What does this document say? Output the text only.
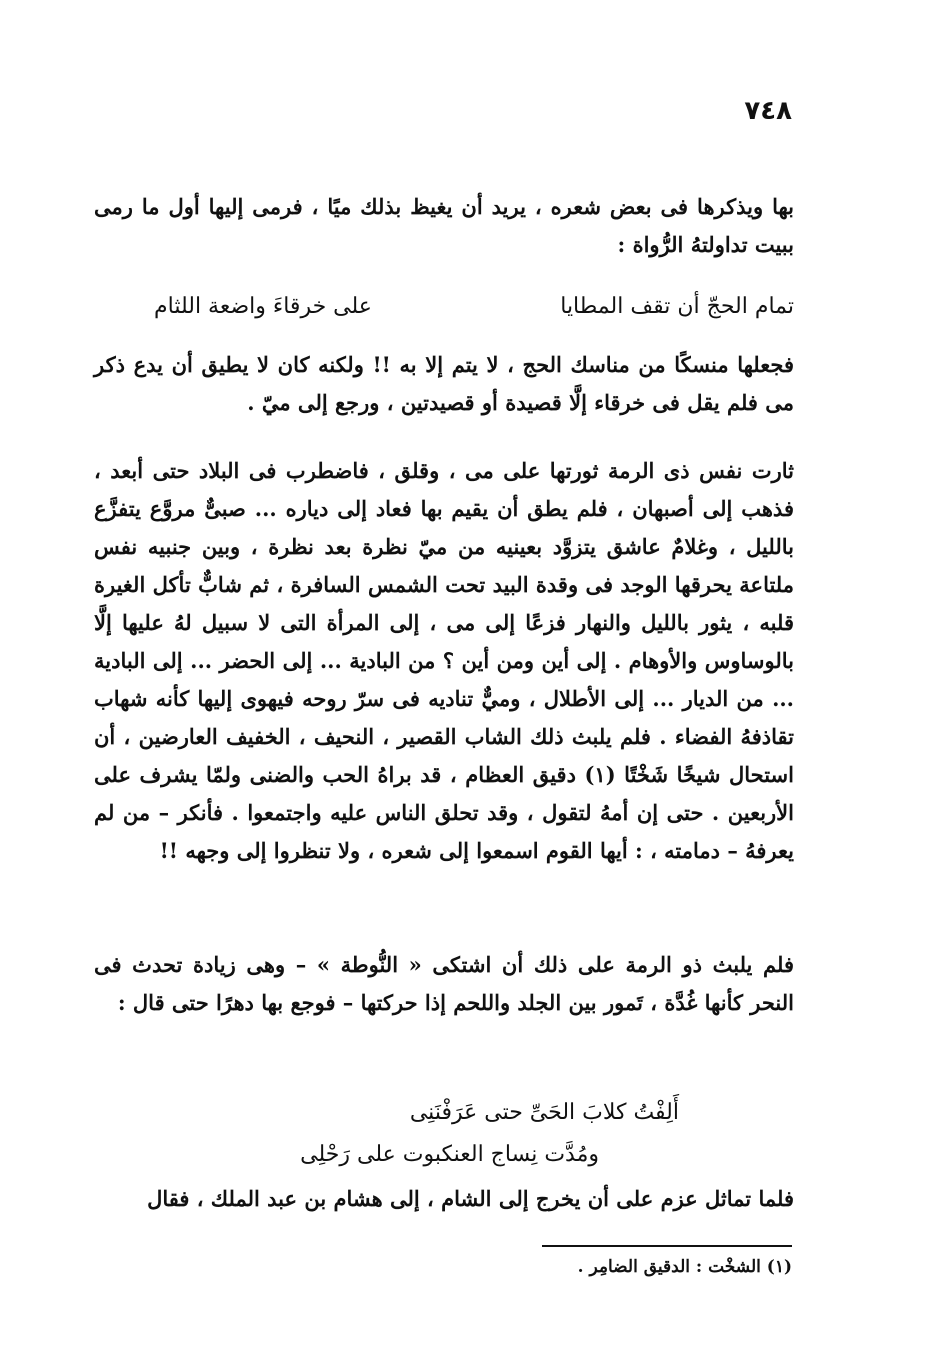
٧٤٨

بها ويذكرها فى بعض شعره ، يريد أن يغيظ بذلك ميًا ، فرمى إليها أول ما رمى ببيت تداولتهُ الرُّواة :

تمام الحجّ أن تقف المطايا
على خرقاءَ واضعة اللثام

فجعلها منسكًا من مناسك الحج ، لا يتم إلا به !! ولكنه كان لا يطيق أن يدع ذكر مى فلم يقل فى خرقاء إلَّا قصيدة أو قصيدتين ، ورجع إلى ميّ .

ثارت نفس ذى الرمة ثورتها على مى ، وقلق ، فاضطرب فى البلاد حتى أبعد ، فذهب إلى أصبهان ، فلم يطق أن يقيم بها فعاد إلى دياره ... صبىٌّ مروَّع يتفزَّع بالليل ، وغلامٌ عاشق يتزوَّد بعينيه من ميّ نظرة بعد نظرة ، وبين جنبيه نفس ملتاعة يحرقها الوجد فى وقدة البيد تحت الشمس السافرة ، ثم شابٌّ تأكل الغيرة قلبه ، يثور بالليل والنهار فزعًا إلى مى ، إلى المرأة التى لا سبيل لهُ عليها إلَّا بالوساوس والأوهام . إلى أين ومن أين ؟ من البادية ... إلى الحضر ... إلى البادية ... من الديار ... إلى الأطلال ، وميٌّ تناديه فى سرّ روحه فيهوى إليها كأنه شهاب تقاذفهُ الفضاء . فلم يلبث ذلك الشاب القصير ، النحيف ، الخفيف العارضين ، أن استحال شيخًا شَخْتًا (١) دقيق العظام ، قد براهُ الحب والضنى ولمّا يشرف على الأربعين . حتى إن أمهُ لتقول ، وقد تحلق الناس عليه واجتمعوا . فأنكر – من لم يعرفهُ – دمامته ، : أيها القوم اسمعوا إلى شعره ، ولا تنظروا إلى وجهه !!

فلم يلبث ذو الرمة على ذلك أن اشتكى « النُّوطة » – وهى زيادة تحدث فى النحر كأنها غُدَّة ، تَمور بين الجلد واللحم إذا حركتها – فوجع بها دهرًا حتى قال :

أَلِفْتُ كلابَ الحَىِّ حتى عَرَفْنَنِى
ومُدَّت نِساج العنكبوت على رَحْلِى

فلما تماثل عزم على أن يخرج إلى الشام ، إلى هشام بن عبد الملك ، فقال

(١) الشخْت : الدقيق الضامِر .
